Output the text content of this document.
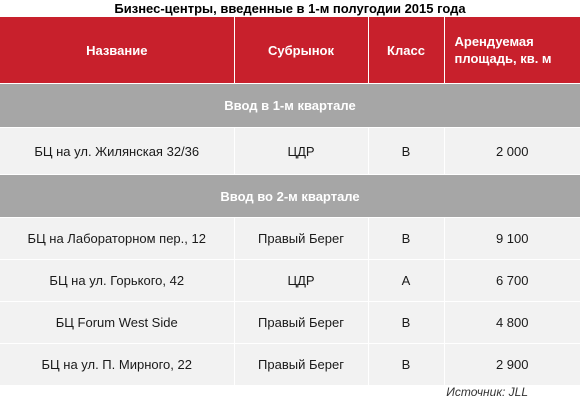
Бизнес-центры, введенные в 1-м полугодии 2015 года
Название	Субрынок	Класс	Арендуемая
площадь, кв. м
Ввод в 1-м квартале			
БЦ на ул. Жилянская 32/36	ЦДР	B	2 000
Ввод во 2-м квартале			
БЦ на Лабораторном пер., 12	Правый Берег	B	9 100
БЦ на ул. Горького, 42	ЦДР	A	6 700
БЦ Forum West Side	Правый Берег	B	4 800
БЦ на ул. П. Мирного, 22	Правый Берег	B	2 900
Источник: JLL
